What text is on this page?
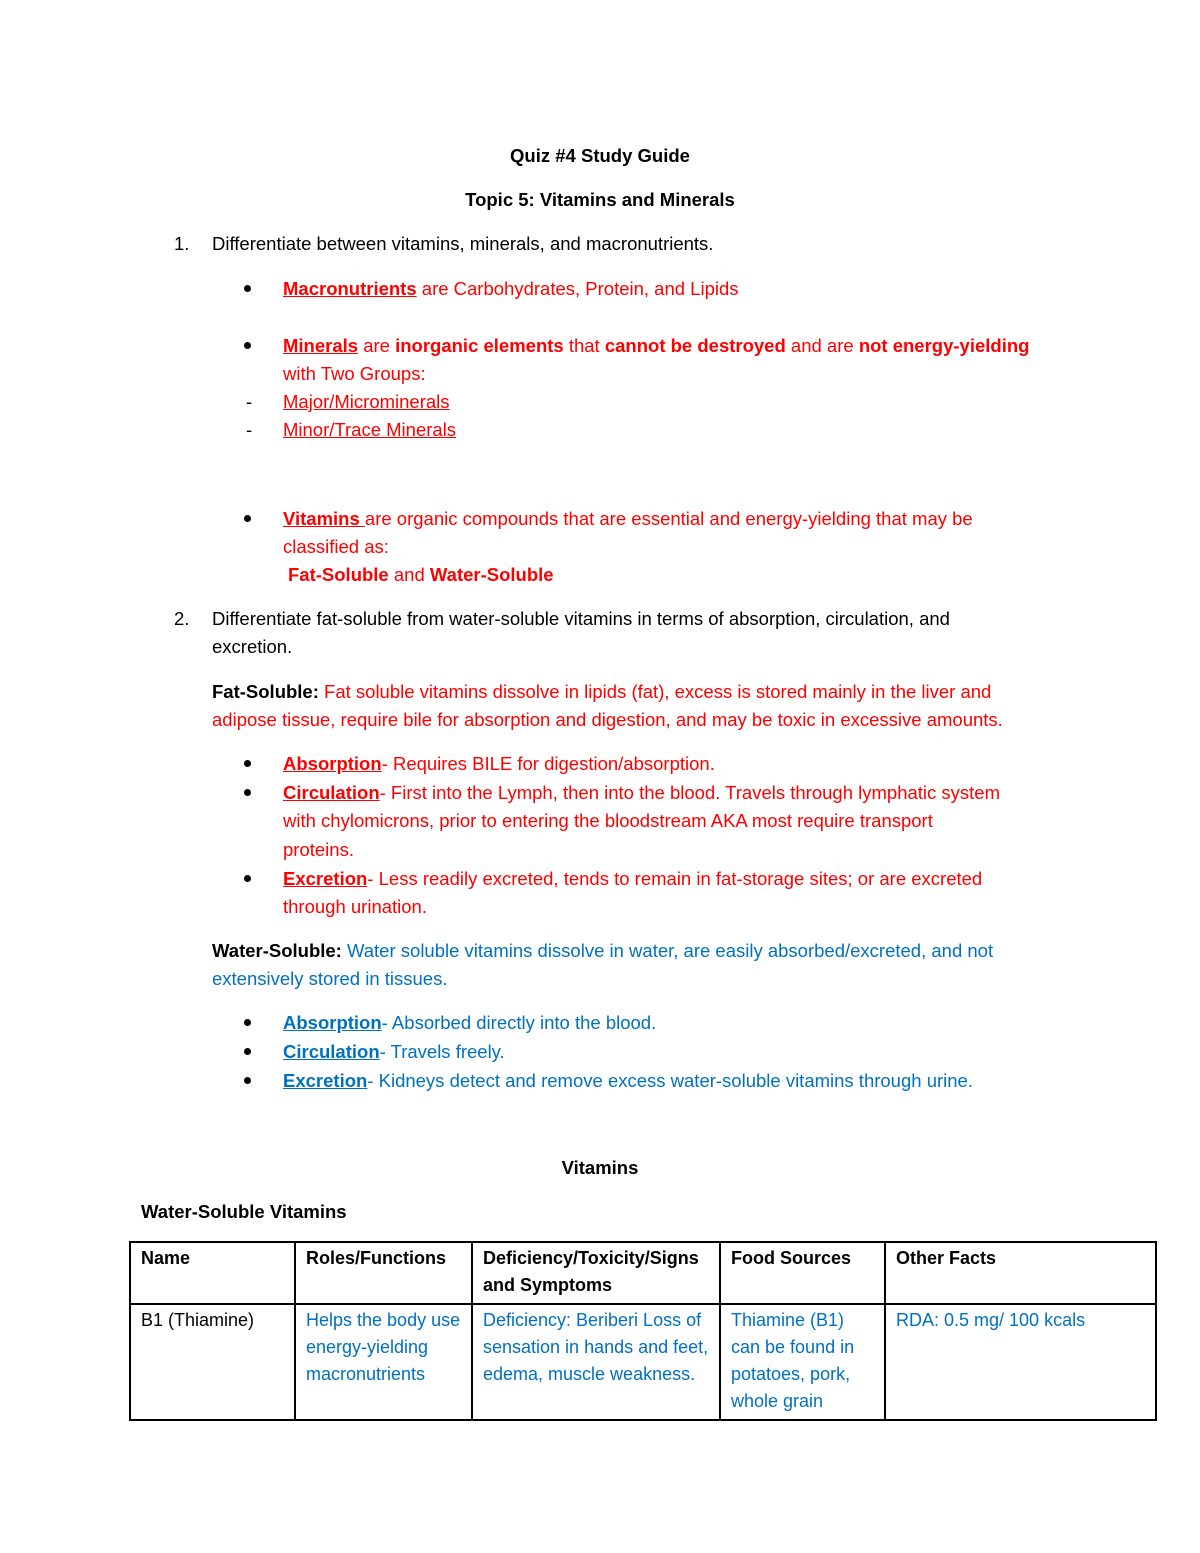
Quiz #4 Study Guide
Topic 5: Vitamins and Minerals
1. Differentiate between vitamins, minerals, and macronutrients.
Macronutrients are Carbohydrates, Protein, and Lipids
Minerals are inorganic elements that cannot be destroyed and are not energy-yielding
with Two Groups:
- Major/Microminerals
- Minor/Trace Minerals
Vitamins are organic compounds that are essential and energy-yielding that may be
classified as:
Fat-Soluble and Water-Soluble
2. Differentiate fat-soluble from water-soluble vitamins in terms of absorption, circulation, and
excretion.
Fat-Soluble: Fat soluble vitamins dissolve in lipids (fat), excess is stored mainly in the liver and
adipose tissue, require bile for absorption and digestion, and may be toxic in excessive amounts.
Absorption- Requires BILE for digestion/absorption.
Circulation- First into the Lymph, then into the blood. Travels through lymphatic system
with chylomicrons, prior to entering the bloodstream AKA most require transport
proteins.
Excretion- Less readily excreted, tends to remain in fat-storage sites; or are excreted
through urination.
Water-Soluble: Water soluble vitamins dissolve in water, are easily absorbed/excreted, and not
extensively stored in tissues.
Absorption- Absorbed directly into the blood.
Circulation- Travels freely.
Excretion- Kidneys detect and remove excess water-soluble vitamins through urine.
Vitamins
Water-Soluble Vitamins
Name	Roles/Functions	Deficiency/Toxicity/Signs and Symptoms	Food Sources	Other Facts
B1 (Thiamine)	Helps the body use energy-yielding macronutrients	Deficiency: Beriberi Loss of sensation in hands and feet, edema, muscle weakness.	Thiamine (B1) can be found in potatoes, pork, whole grain	RDA: 0.5 mg/ 100 kcals
